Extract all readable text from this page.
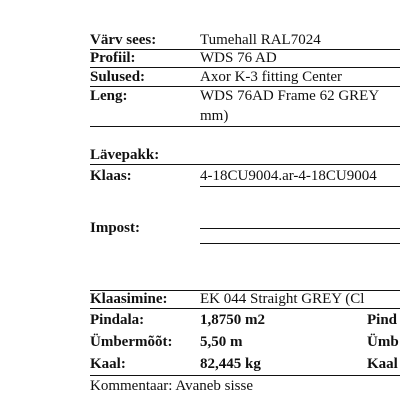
Värv sees:	Tumehall RAL7024
Profiil:	WDS 76 AD
Sulused:	Axor K-3 fitting Center
Leng:	WDS 76AD Frame 62 GREY
mm)
Lävepakk:
Klaas:	4-18CU9004.ar-4-18CU9004
Impost:
Klaasimine: EK 044 Straight GREY (Cl
Pindala:	1,8750 m2	Pind
Ümbermõõt: 5,50 m	Ümb
Kaal:	82,445 kg	Kaal
Kommentaar: Avaneb sisse
